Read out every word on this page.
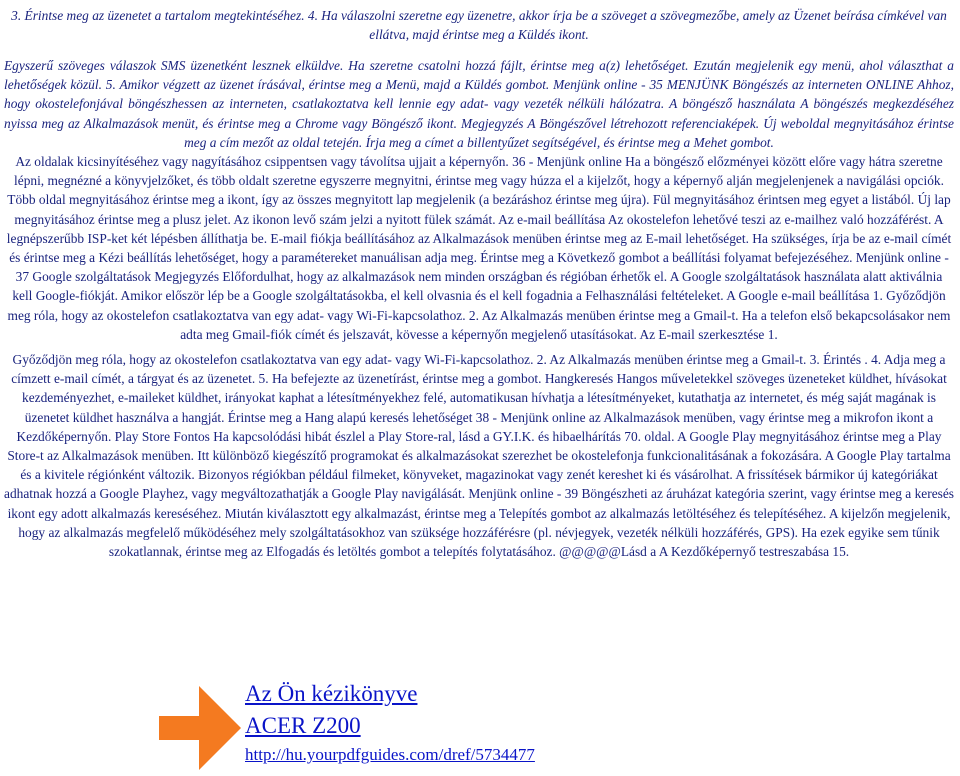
3. Érintse meg az üzenetet a tartalom megtekintéséhez. 4. Ha válaszolni szeretne egy üzenetre, akkor írja be a szöveget a szövegmezőbe, amely az Üzenet beírása címkével van ellátva, majd érintse meg a Küldés ikont.

Egyszerű szöveges válaszok SMS üzenetként lesznek elküldve. Ha szeretne csatolni hozzá fájlt, érintse meg a(z) lehetőséget. Ezután megjelenik egy menü, ahol választhat a lehetőségek közül. 5. Amikor végzett az üzenet írásával, érintse meg a Menü, majd a Küldés gombot. Menjünk online - 35 MENJÜNK Böngészés az interneten ONLINE Ahhoz, hogy okostelefonjával böngészhessen az interneten, csatlakoztatva kell lennie egy adat- vagy vezeték nélküli hálózatra. A böngésző használata A böngészés megkezdéséhez nyissa meg az Alkalmazások menüt, és érintse meg a Chrome vagy Böngésző ikont. Megjegyzés A Böngészővel létrehozott referenciaképek. Új weboldal megnyitásához érintse meg a cím mezőt az oldal tetején. Írja meg a címet a billentyűzet segítségével, és érintse meg a Mehet gombot.

Az oldalak kicsinyítéséhez vagy nagyításához csippentsen vagy távolítsa ujjait a képernyőn. 36 - Menjünk online Ha a böngésző előzményei között előre vagy hátra szeretne lépni, megnézné a könyvjelzőket, és több oldalt szeretne egyszerre megnyitni, érintse meg vagy húzza el a kijelzőt, hogy a képernyő alján megjelenjenek a navigálási opciók. Több oldal megnyitásához érintse meg a ikont, így az összes megnyitott lap megjelenik (a bezáráshoz érintse meg újra). Fül megnyitásához érintsen meg egyet a listából. Új lap megnyitásához érintse meg a plusz jelet. Az ikonon levő szám jelzi a nyitott fülek számát. Az e-mail beállítása Az okostelefon lehetővé teszi az e-mailhez való hozzáférést. A legnépszerűbb ISP-ket két lépésben állíthatja be. E-mail fiókja beállításához az Alkalmazások menüben érintse meg az E-mail lehetőséget. Ha szükséges, írja be az e-mail címét és érintse meg a Kézi beállítás lehetőséget, hogy a paramétereket manuálisan adja meg. Érintse meg a Következő gombot a beállítási folyamat befejezéséhez. Menjünk online - 37 Google szolgáltatások Megjegyzés Előfordulhat, hogy az alkalmazások nem minden országban és régióban érhetők el. A Google szolgáltatások használata alatt aktiválnia kell Google-fiókját. Amikor először lép be a Google szolgáltatásokba, el kell olvasnia és el kell fogadnia a Felhasználási feltételeket. A Google e-mail beállítása 1. Győződjön meg róla, hogy az okostelefon csatlakoztatva van egy adat- vagy Wi-Fi-kapcsolathoz. 2. Az Alkalmazás menüben érintse meg a Gmail-t. Ha a telefon első bekapcsolásakor nem adta meg Gmail-fiók címét és jelszavát, kövesse a képernyőn megjelenő utasításokat. Az E-mail szerkesztése 1.

Győződjön meg róla, hogy az okostelefon csatlakoztatva van egy adat- vagy Wi-Fi-kapcsolathoz. 2. Az Alkalmazás menüben érintse meg a Gmail-t. 3. Érintés . 4. Adja meg a címzett e-mail címét, a tárgyat és az üzenetet. 5. Ha befejezte az üzenetírást, érintse meg a gombot. Hangkeresés Hangos műveletekkel szöveges üzeneteket küldhet, hívásokat kezdeményezhet, e-maileket küldhet, irányokat kaphat a létesítményekhez felé, automatikusan hívhatja a létesítményeket, kutathatja az internetet, és még saját magának is üzenetet küldhet használva a hangját. Érintse meg a Hang alapú keresés lehetőséget 38 - Menjünk online az Alkalmazások menüben, vagy érintse meg a mikrofon ikont a Kezdőképernyőn. Play Store Fontos Ha kapcsolódási hibát észlel a Play Store-ral, lásd a GY.I.K. és hibaelhárítás 70. oldal. A Google Play megnyitásához érintse meg a Play Store-t az Alkalmazások menüben. Itt különböző kiegészítő programokat és alkalmazásokat szerezhet be okostelefonja funkcionalitásának a fokozására. A Google Play tartalma és a kivitele régiónként változik. Bizonyos régiókban például filmeket, könyveket, magazinokat vagy zenét kereshet ki és vásárolhat. A frissítések bármikor új kategóriákat adhatnak hozzá a Google Playhez, vagy megváltozathatják a Google Play navigálását. Menjünk online - 39 Böngészheti az áruházat kategória szerint, vagy érintse meg a keresés ikont egy adott alkalmazás kereséséhez. Miután kiválasztott egy alkalmazást, érintse meg a Telepítés gombot az alkalmazás letöltéséhez és telepítéséhez. A kijelzőn megjelenik, hogy az alkalmazás megfelelő működéséhez mely szolgáltatásokhoz van szüksége hozzáférésre (pl. névjegyek, vezeték nélküli hozzáférés, GPS). Ha ezek egyike sem tűnik szokatlannak, érintse meg az Elfogadás és letöltés gombot a telepítés folytatásához. @@@@@Lásd a A Kezdőképernyő testreszabása 15.

Az Ön kézikönyve
ACER Z200
http://hu.yourpdfguides.com/dref/5734477
